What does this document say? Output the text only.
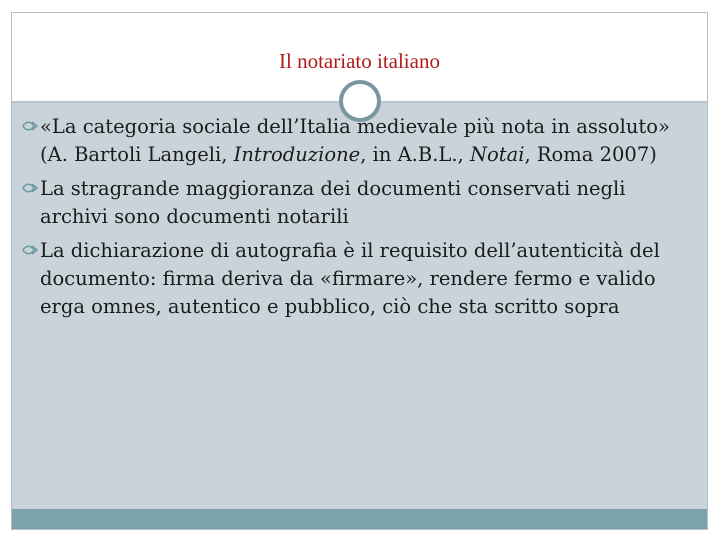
Il notariato italiano
«La categoria sociale dell’Italia medievale più nota in assoluto» (A. Bartoli Langeli, Introduzione, in A.B.L., Notai, Roma 2007)
La stragrande maggioranza dei documenti conservati negli archivi sono documenti notarili
La dichiarazione di autografia è il requisito dell’autenticità del documento: firma deriva da «firmare», rendere fermo e valido erga omnes, autentico e pubblico, ciò che sta scritto sopra
